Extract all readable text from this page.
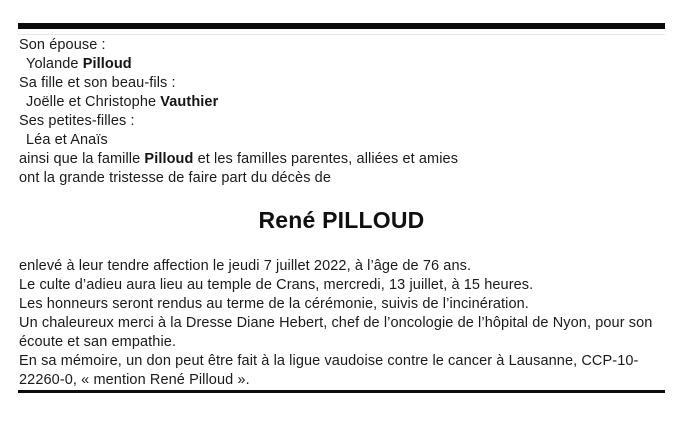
Son épouse :
Yolande Pilloud
Sa fille et son beau-fils :
Joëlle et Christophe Vauthier
Ses petites-filles :
Léa et Anaïs
ainsi que la famille Pilloud et les familles parentes, alliées et amies
ont la grande tristesse de faire part du décès de
René PILLOUD
enlevé à leur tendre affection le jeudi 7 juillet 2022, à l’âge de 76 ans.
Le culte d’adieu aura lieu au temple de Crans, mercredi, 13 juillet, à 15 heures.
Les honneurs seront rendus au terme de la cérémonie, suivis de l’incinération.
Un chaleureux merci à la Dresse Diane Hebert, chef de l’oncologie de l’hôpital de Nyon, pour son
écoute et san empathie.
En sa mémoire, un don peut être fait à la ligue vaudoise contre le cancer à Lausanne, CCP-10-
22260-0, « mention René Pilloud ».
